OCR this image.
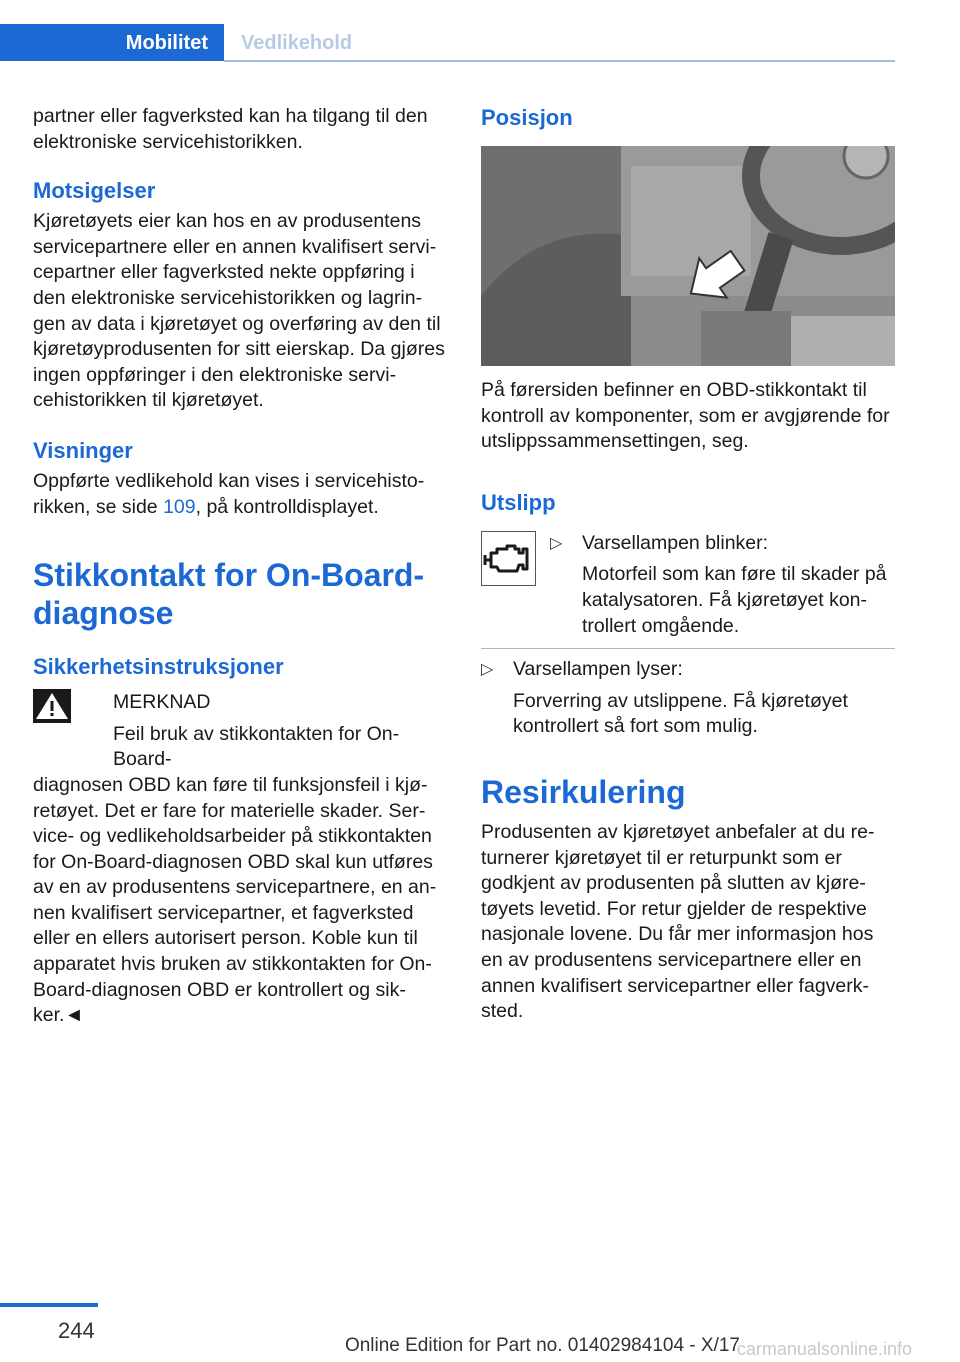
Mobilitet	Vedlikehold

partner eller fagverksted kan ha tilgang til den elektroniske servicehistorikken.

Motsigelser

Kjøretøyets eier kan hos en av produsentens servicepartnere eller en annen kvalifisert servicepartner eller fagverksted nekte oppføring i den elektroniske servicehistorikken og lagringen av data i kjøretøyet og overføring av den til kjøretøyprodusenten for sitt eierskap. Da gjøres ingen oppføringer i den elektroniske servicehistorikken til kjøretøyet.

Visninger

Oppførte vedlikehold kan vises i servicehistorikken, se side 109, på kontrolldisplayet.

Stikkontakt for On-Board-diagnose
Sikkerhetsinstruksjoner

MERKNAD

Feil bruk av stikkontakten for On-Board-

diagnosen OBD kan føre til funksjonsfeil i kjøretøyet. Det er fare for materielle skader. Service- og vedlikeholdsarbeider på stikkontakten for On-Board-diagnosen OBD skal kun utføres av en av produsentens servicepartnere, en annen kvalifisert servicepartner, et fagverksted eller en ellers autorisert person. Koble kun til apparatet hvis bruken av stikkontakten for On-Board-diagnosen OBD er kontrollert og sikker.◄

Posisjon

På førersiden befinner en OBD-stikkontakt til kontroll av komponenter, som er avgjørende for utslippssammensettingen, seg.

Utslipp
▷ Varsellampen blinker:

Motorfeil som kan føre til skader på katalysatoren. Få kjøretøyet kontrollert omgående.

▷ Varsellampen lyser:

Forverring av utslippene. Få kjøretøyet kontrollert så fort som mulig.

Resirkulering

Produsenten av kjøretøyet anbefaler at du returnerer kjøretøyet til er returpunkt som er godkjent av produsenten på slutten av kjøretøyets levetid. For retur gjelder de respektive nasjonale lovene. Du får mer informasjon hos en av produsentens servicepartnere eller en annen kvalifisert servicepartner eller fagverksted.

244
Online Edition for Part no. 01402984104 - X/17
carmanualsonline.info
